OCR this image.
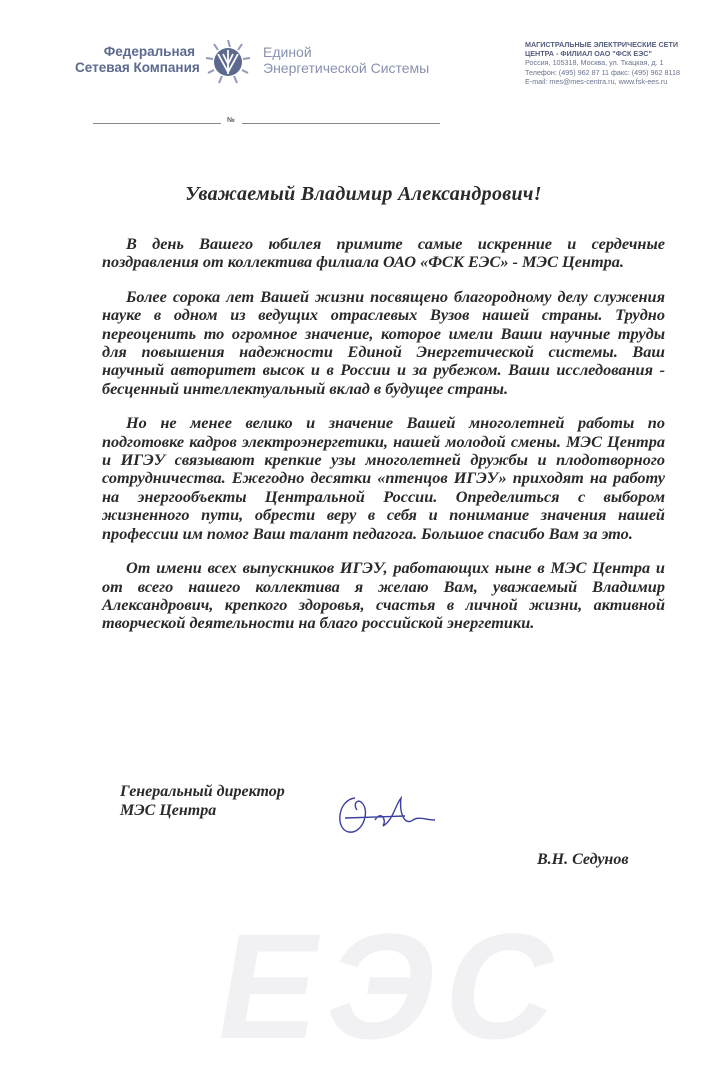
ЕЭС
Федеральная
Сетевая Компания
Единой
Энергетической Системы
МАГИСТРАЛЬНЫЕ ЭЛЕКТРИЧЕСКИЕ СЕТИ
ЦЕНТРА - ФИЛИАЛ ОАО "ФСК ЕЭС"
Россия, 105318, Москва, ул. Ткацкая, д. 1
Телефон: (495) 962 87 11 факс: (495) 962 8118
E-mail: mes@mes-centra.ru, www.fsk-ees.ru
№
Уважаемый Владимир Александрович!

В день Вашего юбилея примите самые искренние и сердечные поздравления от коллектива филиала ОАО «ФСК ЕЭС» - МЭС Центра.

Более сорока лет Вашей жизни посвящено благородному делу служения науке в одном из ведущих отраслевых Вузов нашей страны. Трудно переоценить то огромное значение, которое имели Ваши научные труды для повышения надежности Единой Энергетической системы. Ваш научный авторитет высок и в России и за рубежом. Ваши исследования - бесценный интеллектуальный вклад в будущее страны.

Но не менее велико и значение Вашей многолетней работы по подготовке кадров электроэнергетики, нашей молодой смены. МЭС Центра и ИГЭУ связывают крепкие узы многолетней дружбы и плодотворного сотрудничества. Ежегодно десятки «птенцов ИГЭУ» приходят на работу на энергообъекты Центральной России. Определиться с выбором жизненного пути, обрести веру в себя и понимание значения нашей профессии им помог Ваш талант педагога. Большое спасибо Вам за это.

От имени всех выпускников ИГЭУ, работающих ныне в МЭС Центра и от всего нашего коллектива я желаю Вам, уважаемый Владимир Александрович, крепкого здоровья, счастья в личной жизни, активной творческой деятельности на благо российской энергетики.

Генеральный директор
МЭС Центра
В.Н. Седунов
